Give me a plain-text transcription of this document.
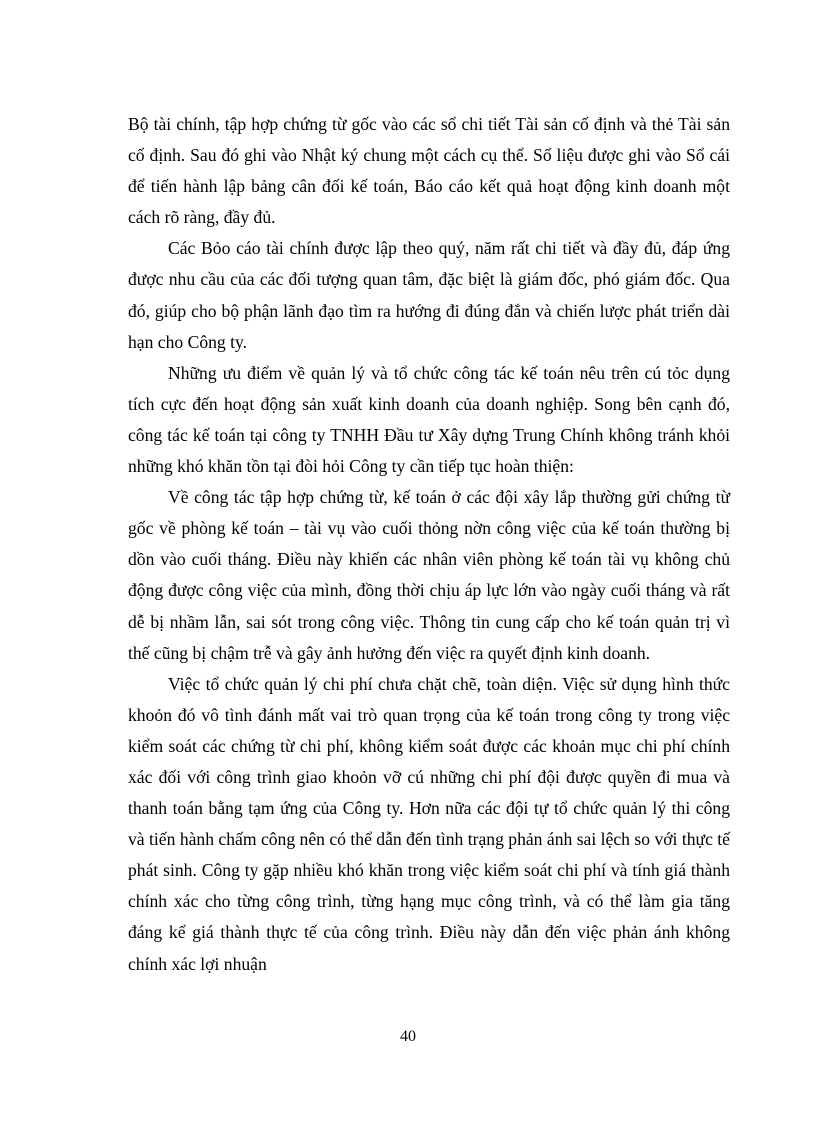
Bộ tài chính, tập hợp chứng từ gốc vào các sổ chi tiết Tài sản cố định và thẻ Tài sản cố định. Sau đó ghi vào Nhật ký chung một cách cụ thể. Số liệu được ghi vào Sổ cái để tiến hành lập bảng cân đối kế toán, Báo cáo kết quả hoạt động kinh doanh một cách rõ ràng, đầy đủ.

Các Bỏo cáo tài chính được lập theo quý, năm rất chi tiết và đầy đủ, đáp ứng được nhu cầu của các đối tượng quan tâm, đặc biệt là giám đốc, phó giám đốc. Qua đó, giúp cho bộ phận lãnh đạo tìm ra hướng đi đúng đắn và chiến lược phát triển dài hạn cho Công ty.

Những ưu điểm về quản lý và tổ chức công tác kế toán nêu trên cú tỏc dụng tích cực đến hoạt động sản xuất kinh doanh của doanh nghiệp. Song bên cạnh đó, công tác kế toán tại công ty TNHH Đầu tư Xây dựng Trung Chính không tránh khỏi những khó khăn tồn tại đòi hỏi Công ty cần tiếp tục hoàn thiện:

Về công tác tập hợp chứng từ, kế toán ở các đội xây lắp thường gửi chứng từ gốc về phòng kế toán – tài vụ vào cuối thỏng nờn công việc của kế toán thường bị dồn vào cuối tháng. Điều này khiến các nhân viên phòng kế toán tài vụ không chủ động được công việc của mình, đồng thời chịu áp lực lớn vào ngày cuối tháng và rất dễ bị nhầm lẫn, sai sót trong công việc. Thông tin cung cấp cho kế toán quản trị vì thế cũng bị chậm trễ và gây ảnh hưởng đến việc ra quyết định kinh doanh.

Việc tổ chức quản lý chi phí chưa chặt chẽ, toàn diện. Việc sử dụng hình thức khoỏn đó vô tình đánh mất vai trò quan trọng của kế toán trong công ty trong việc kiểm soát các chứng từ chi phí, không kiểm soát được các khoản mục chi phí chính xác đối với công trình giao khoỏn vỡ cú những chi phí đội được quyền đi mua và thanh toán bằng tạm ứng của Công ty. Hơn nữa các đội tự tổ chức quản lý thi công và tiến hành chấm công nên có thể dẫn đến tình trạng phản ánh sai lệch so với thực tế phát sinh. Công ty gặp nhiều khó khăn trong việc kiểm soát chi phí và tính giá thành chính xác cho từng công trình, từng hạng mục công trình, và có thể làm gia tăng đáng kể giá thành thực tế của công trình. Điều này dẫn đến việc phản ánh không chính xác lợi nhuận

40
